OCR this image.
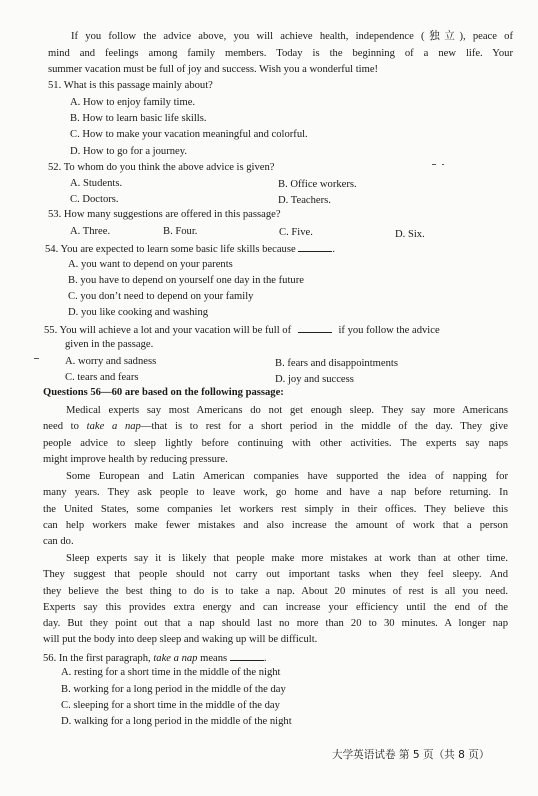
If you follow the advice above, you will achieve health, independence (独立), peace of
mind and feelings among family members. Today is the beginning of a new life. Your
summer vacation must be full of joy and success. Wish you a wonderful time!
51. What is this passage mainly about?
A. How to enjoy family time.
B. How to learn basic life skills.
C. How to make your vacation meaningful and colorful.
D. How to go for a journey.
52. To whom do you think the above advice is given?
A. Students.	B. Office workers.
C. Doctors.	D. Teachers.
53. How many suggestions are offered in this passage?
A. Three.	B. Four.	C. Five.	D. Six.
54. You are expected to learn some basic life skills because	.
A. you want to depend on your parents
B. you have to depend on yourself one day in the future
C. you don’t need to depend on your family
D. you like cooking and washing
55. You will achieve a lot and your vacation will be full of	if you follow the advice
given in the passage.
A. worry and sadness	B. fears and disappointments
C. tears and fears	D. joy and success
Questions 56—60 are based on the following passage:
Medical experts say most Americans do not get enough sleep. They say more Americans
need to take a nap—that is to rest for a short period in the middle of the day. They give
people advice to sleep lightly before continuing with other activities. The experts say naps
might improve health by reducing pressure.
Some European and Latin American companies have supported the idea of napping for
many years. They ask people to leave work, go home and have a nap before returning. In
the United States, some companies let workers rest simply in their offices. They believe this
can help workers make fewer mistakes and also increase the amount of work that a person
can do.
Sleep experts say it is likely that people make more mistakes at work than at other time.
They suggest that people should not carry out important tasks when they feel sleepy. And
they believe the best thing to do is to take a nap. About 20 minutes of rest is all you need.
Experts say this provides extra energy and can increase your efficiency until the end of the
day. But they point out that a nap should last no more than 20 to 30 minutes. A longer nap
will put the body into deep sleep and waking up will be difficult.
56. In the first paragraph, take a nap means	.
A. resting for a short time in the middle of the night
B. working for a long period in the middle of the day
C. sleeping for a short time in the middle of the day
D. walking for a long period in the middle of the night
大学英语试卷 第 5 页（共 8 页）
